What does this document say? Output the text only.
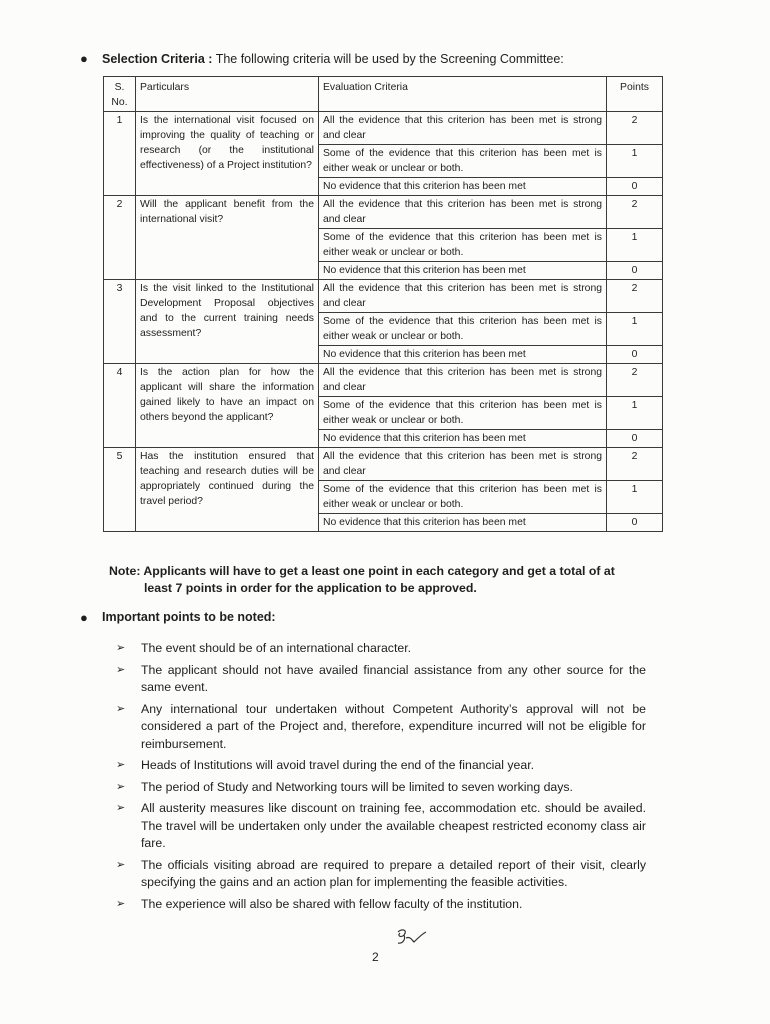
● Selection Criteria : The following criteria will be used by the Screening Committee:
S. No.	Particulars	Evaluation Criteria	Points
1	Is the international visit focused on improving the quality of teaching or research (or the institutional effectiveness) of a Project institution?	All the evidence that this criterion has been met is strong and clear	2
		Some of the evidence that this criterion has been met is either weak or unclear or both.	1
		No evidence that this criterion has been met	0
2	Will the applicant benefit from the international visit?	All the evidence that this criterion has been met is strong and clear	2
		Some of the evidence that this criterion has been met is either weak or unclear or both.	1
		No evidence that this criterion has been met	0
3	Is the visit linked to the Institutional Development Proposal objectives and to the current training needs assessment?	All the evidence that this criterion has been met is strong and clear	2
		Some of the evidence that this criterion has been met is either weak or unclear or both.	1
		No evidence that this criterion has been met	0
4	Is the action plan for how the applicant will share the information gained likely to have an impact on others beyond the applicant?	All the evidence that this criterion has been met is strong and clear	2
		Some of the evidence that this criterion has been met is either weak or unclear or both.	1
		No evidence that this criterion has been met	0
5	Has the institution ensured that teaching and research duties will be appropriately continued during the travel period?	All the evidence that this criterion has been met is strong and clear	2
		Some of the evidence that this criterion has been met is either weak or unclear or both.	1
		No evidence that this criterion has been met	0
Note: Applicants will have to get a least one point in each category and get a total of at
least 7 points in order for the application to be approved.
● Important points to be noted:
➢ The event should be of an international character.
➢ The applicant should not have availed financial assistance from any other source for the same event.
➢ Any international tour undertaken without Competent Authority’s approval will not be considered a part of the Project and, therefore, expenditure incurred will not be eligible for reimbursement.
➢ Heads of Institutions will avoid travel during the end of the financial year.
➢ The period of Study and Networking tours will be limited to seven working days.
➢ All austerity measures like discount on training fee, accommodation etc. should be availed. The travel will be undertaken only under the available cheapest restricted economy class air fare.
➢ The officials visiting abroad are required to prepare a detailed report of their visit, clearly specifying the gains and an action plan for implementing the feasible activities.
➢ The experience will also be shared with fellow faculty of the institution.
2
